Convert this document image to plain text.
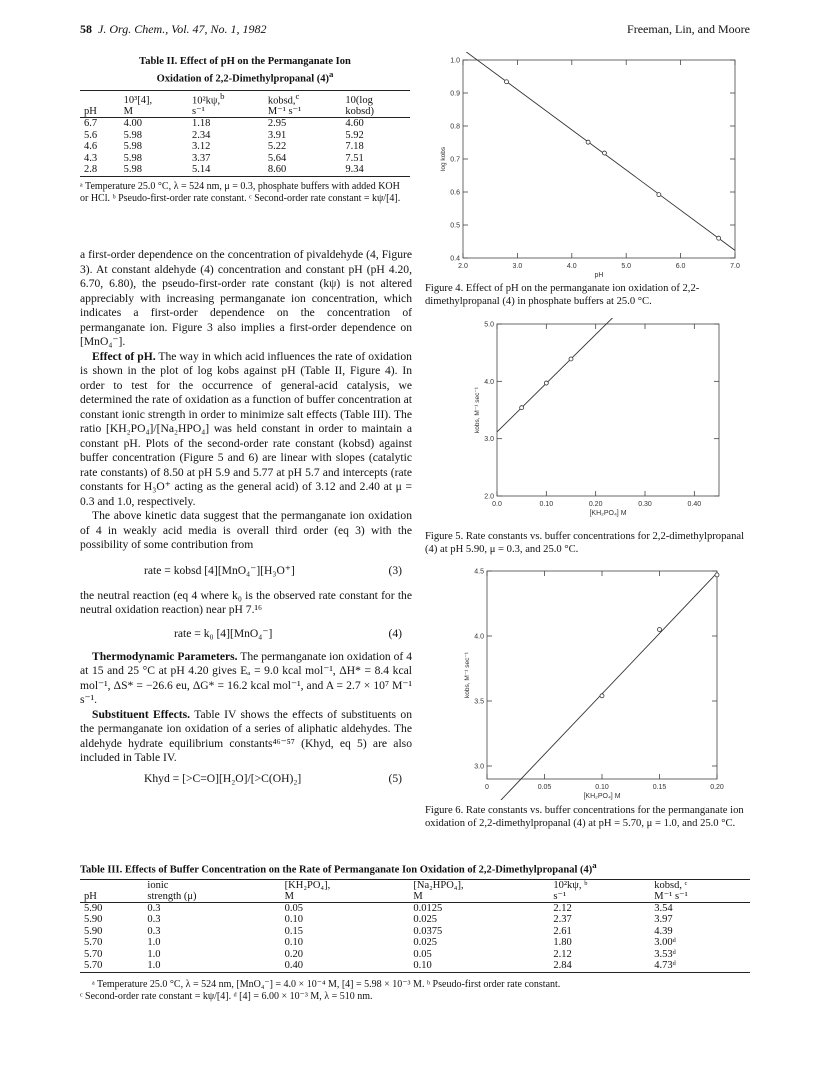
58 J. Org. Chem., Vol. 47, No. 1, 1982	Freeman, Lin, and Moore
Table II. Effect of pH on the Permanganate Ion
Oxidation of 2,2-Dimethylpropanal $(4)^a$
	10³[4],	10²kψ,$^b$	kobsd,$^c$	10(log
pH	M	s⁻¹	M⁻¹ s⁻¹	kobsd)
6.7	4.00	1.18	2.95	4.60
5.6	5.98	2.34	3.91	5.92
4.6	5.98	3.12	5.22	7.18
4.3	5.98	3.37	5.64	7.51
2.8	5.98	5.14	8.60	9.34
ᵃ Temperature 25.0 °C, λ = 524 nm, μ = 0.3, phosphate buffers with added KOH or HCl. ᵇ Pseudo-first-order rate constant. ᶜ Second-order rate constant = kψ/[4].

a first-order dependence on the concentration of pivaldehyde (4, Figure 3). At constant aldehyde (4) concentration and constant pH (pH 4.20, 6.70, 6.80), the pseudo-first-order rate constant (kψ) is not altered appreciably with increasing permanganate ion concentration, which indicates a first-order dependence on the concentration of permanganate ion. Figure 3 also implies a first-order dependence on [MnO₄⁻].

Effect of pH. The way in which acid influences the rate of oxidation is shown in the plot of log kobs against pH (Table II, Figure 4). In order to test for the occurrence of general-acid catalysis, we determined the rate of oxidation as a function of buffer concentration at constant ionic strength in order to minimize salt effects (Table III). The ratio [KH₂PO₄]/[Na₂HPO₄] was held constant in order to maintain a constant pH. Plots of the second-order rate constant (kobsd) against buffer concentration (Figure 5 and 6) are linear with slopes (catalytic rate constants) of 8.50 at pH 5.9 and 5.77 at pH 5.7 and intercepts (rate constants for H₃O⁺ acting as the general acid) of 3.12 and 2.40 at μ = 0.3 and 1.0, respectively.

The above kinetic data suggest that the permanganate ion oxidation of 4 in weakly acid media is overall third order (eq 3) with the possibility of some contribution from

rate = kobsd [4][MnO₄⁻][H₃O⁺]	(3)

the neutral reaction (eq 4 where k₀ is the observed rate constant for the neutral oxidation reaction) near pH 7.¹⁶

rate = k₀ [4][MnO₄⁻]	(4)

Thermodynamic Parameters. The permanganate ion oxidation of 4 at 15 and 25 °C at pH 4.20 gives Eₐ = 9.0 kcal mol⁻¹, ΔH* = 8.4 kcal mol⁻¹, ΔS* = −26.6 eu, ΔG* = 16.2 kcal mol⁻¹, and A = 2.7 × 10⁷ M⁻¹ s⁻¹.

Substituent Effects. Table IV shows the effects of substituents on the permanganate ion oxidation of a series of aliphatic aldehydes. The aldehyde hydrate equilibrium constants⁴⁶⁻⁵⁷ (Khyd, eq 5) are also included in Table IV.

Khyd = [>C=O][H₂O]/[>C(OH)₂]	(5)
2.0	3.0	4.0	5.0	6.0	7.0
0.4
0.5
0.6
0.7
0.8
0.9
1.0
pH
log kobs
Figure 4. Effect of pH on the permanganate ion oxidation of 2,2-dimethylpropanal (4) in phosphate buffers at 25.0 °C.
0.0	0.10	0.20	0.30	0.40
2.0
3.0
4.0
5.0
[KH₂PO₄] M
kobs, M⁻¹ sec⁻¹
Figure 5. Rate constants vs. buffer concentrations for 2,2-dimethylpropanal (4) at pH 5.90, μ = 0.3, and 25.0 °C.
0	0.05	0.10	0.15	0.20
3.0
3.5
4.0
4.5
[KH₂PO₄] M
kobs, M⁻¹ sec⁻¹
Figure 6. Rate constants vs. buffer concentrations for the permanganate ion oxidation of 2,2-dimethylpropanal (4) at pH = 5.70, μ = 1.0, and 25.0 °C.
Table III. Effects of Buffer Concentration on the Rate of Permanganate Ion Oxidation of 2,2-Dimethylpropanal $(4)^a$
	ionic	[KH₂PO₄],	[Na₂HPO₄],	10²kψ, ᵇ	kobsd, ᶜ
pH	strength (μ)	M	M	s⁻¹	M⁻¹ s⁻¹
5.90	0.3	0.05	0.0125	2.12	3.54
5.90	0.3	0.10	0.025	2.37	3.97
5.90	0.3	0.15	0.0375	2.61	4.39
5.70	1.0	0.10	0.025	1.80	3.00ᵈ
5.70	1.0	0.20	0.05	2.12	3.53ᵈ
5.70	1.0	0.40	0.10	2.84	4.73ᵈ
ᵃ Temperature 25.0 °C, λ = 524 nm, [MnO₄⁻] = 4.0 × 10⁻⁴ M, [4] = 5.98 × 10⁻³ M. ᵇ Pseudo-first order rate constant.
ᶜ Second-order rate constant = kψ/[4]. ᵈ [4] = 6.00 × 10⁻³ M, λ = 510 nm.
